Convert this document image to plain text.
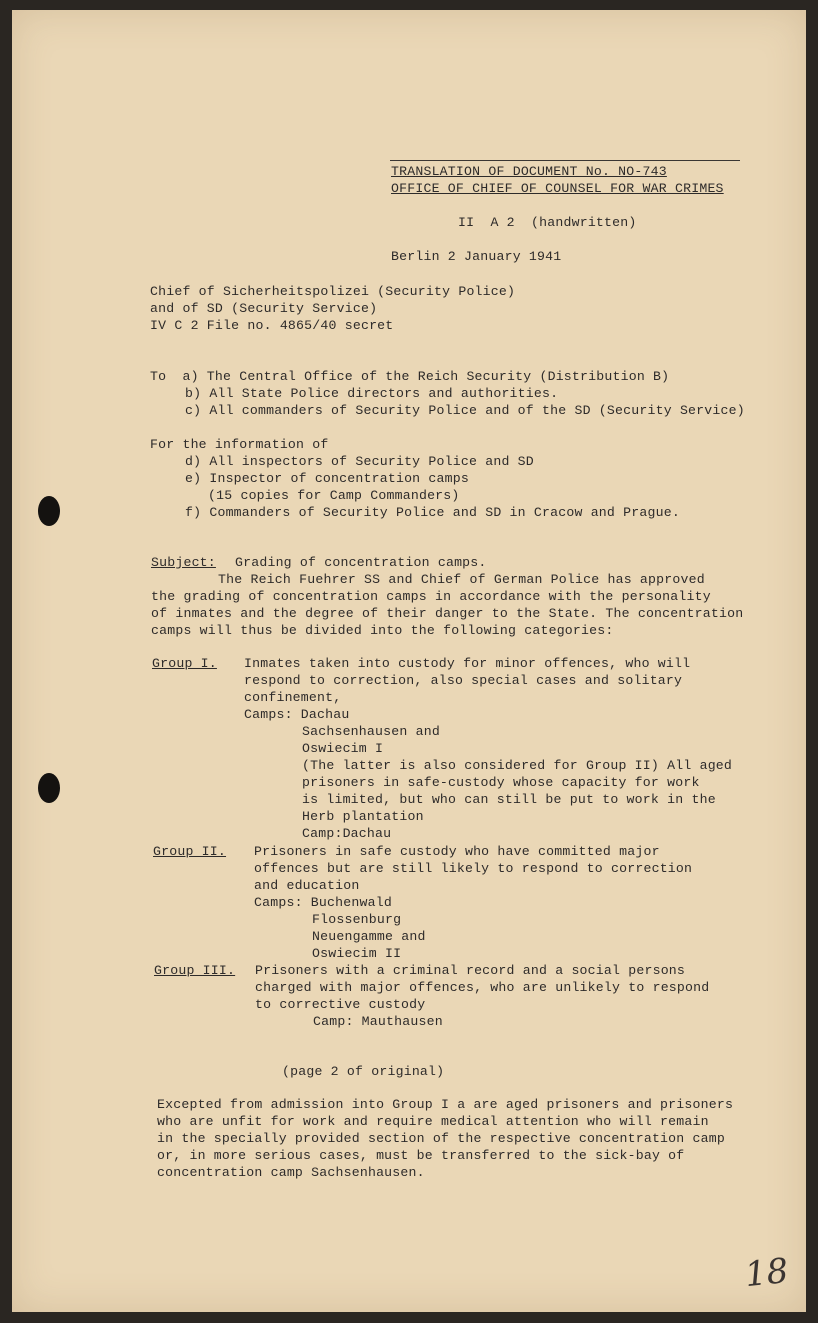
TRANSLATION OF DOCUMENT No. NO-743
OFFICE OF CHIEF OF COUNSEL FOR WAR CRIMES
II  A 2  (handwritten)
Berlin 2 January 1941
Chief of Sicherheitspolizei (Security Police)
and of SD (Security Service)
IV C 2 File no. 4865/40 secret
To  a) The Central Office of the Reich Security (Distribution B)
b) All State Police directors and authorities.
c) All commanders of Security Police and of the SD (Security Service)
For the information of
d) All inspectors of Security Police and SD
e) Inspector of concentration camps
(15 copies for Camp Commanders)
f) Commanders of Security Police and SD in Cracow and Prague.
Subject: Grading of concentration camps.
The Reich Fuehrer SS and Chief of German Police has approved
the grading of concentration camps in accordance with the personality
of inmates and the degree of their danger to the State. The concentration
camps will thus be divided into the following categories:
Group I. Inmates taken into custody for minor offences, who will
respond to correction, also special cases and solitary
confinement,
Camps: Dachau
Sachsenhausen and
Oswiecim I
(The latter is also considered for Group II) All aged
prisoners in safe-custody whose capacity for work
is limited, but who can still be put to work in the
Herb plantation
Camp:Dachau
Group II. Prisoners in safe custody who have committed major
offences but are still likely to respond to correction
and education
Camps: Buchenwald
Flossenburg
Neuengamme and
Oswiecim II
Group III. Prisoners with a criminal record and a social persons
charged with major offences, who are unlikely to respond
to corrective custody
Camp: Mauthausen
(page 2 of original)
Excepted from admission into Group I a are aged prisoners and prisoners
who are unfit for work and require medical attention who will remain
in the specially provided section of the respective concentration camp
or, in more serious cases, must be transferred to the sick-bay of
concentration camp Sachsenhausen.
18
